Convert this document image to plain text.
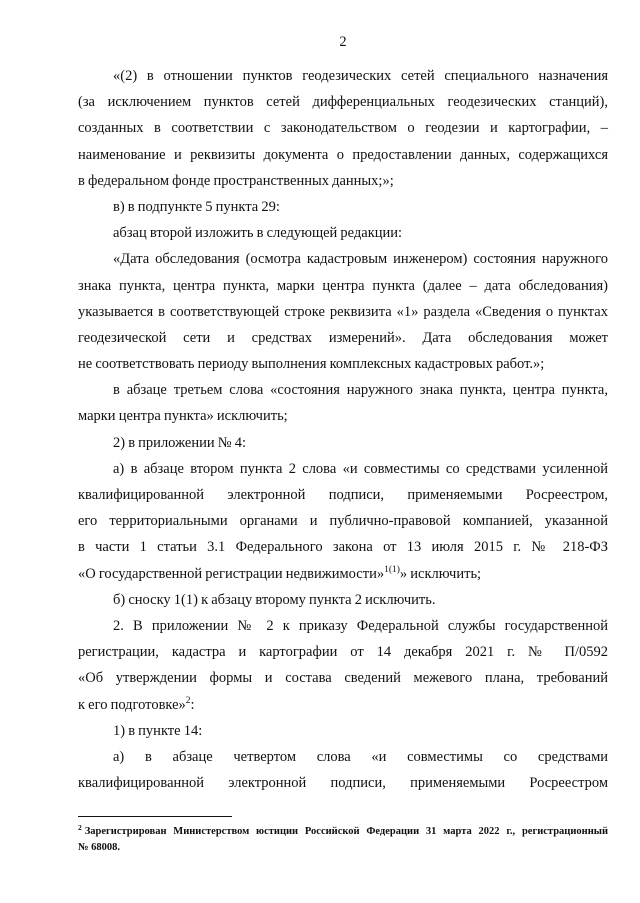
2
«(2) в отношении пунктов геодезических сетей специального назначения
(за исключением пунктов сетей дифференциальных геодезических станций),
созданных в соответствии с законодательством о геодезии и картографии, –
наименование и реквизиты документа о предоставлении данных, содержащихся
в федеральном фонде пространственных данных;»;
в) в подпункте 5 пункта 29:
абзац второй изложить в следующей редакции:
«Дата обследования (осмотра кадастровым инженером) состояния наружного
знака пункта, центра пункта, марки центра пункта (далее – дата обследования)
указывается в соответствующей строке реквизита «1» раздела «Сведения о пунктах
геодезической сети и средствах измерений». Дата обследования может
не соответствовать периоду выполнения комплексных кадастровых работ.»;
в абзаце третьем слова «состояния наружного знака пункта, центра пункта,
марки центра пункта» исключить;
2) в приложении № 4:
а) в абзаце втором пункта 2 слова «и совместимы со средствами усиленной
квалифицированной электронной подписи, применяемыми Росреестром,
его территориальными органами и публично-правовой компанией, указанной
в части 1 статьи 3.1 Федерального закона от 13 июля 2015 г. № 218-ФЗ
«О государственной регистрации недвижимости»$^{1(1)}$» исключить;
б) сноску 1(1) к абзацу второму пункта 2 исключить.
2. В приложении № 2 к приказу Федеральной службы государственной
регистрации, кадастра и картографии от 14 декабря 2021 г. № П/0592
«Об утверждении формы и состава сведений межевого плана, требований
к его подготовке»$^2$:
1) в пункте 14:
а) в абзаце четвертом слова «и совместимы со средствами
квалифицированной электронной подписи, применяемыми Росреестром
$^2$ Зарегистрирован Министерством юстиции Российской Федерации 31 марта 2022 г., регистрационный
№ 68008.
